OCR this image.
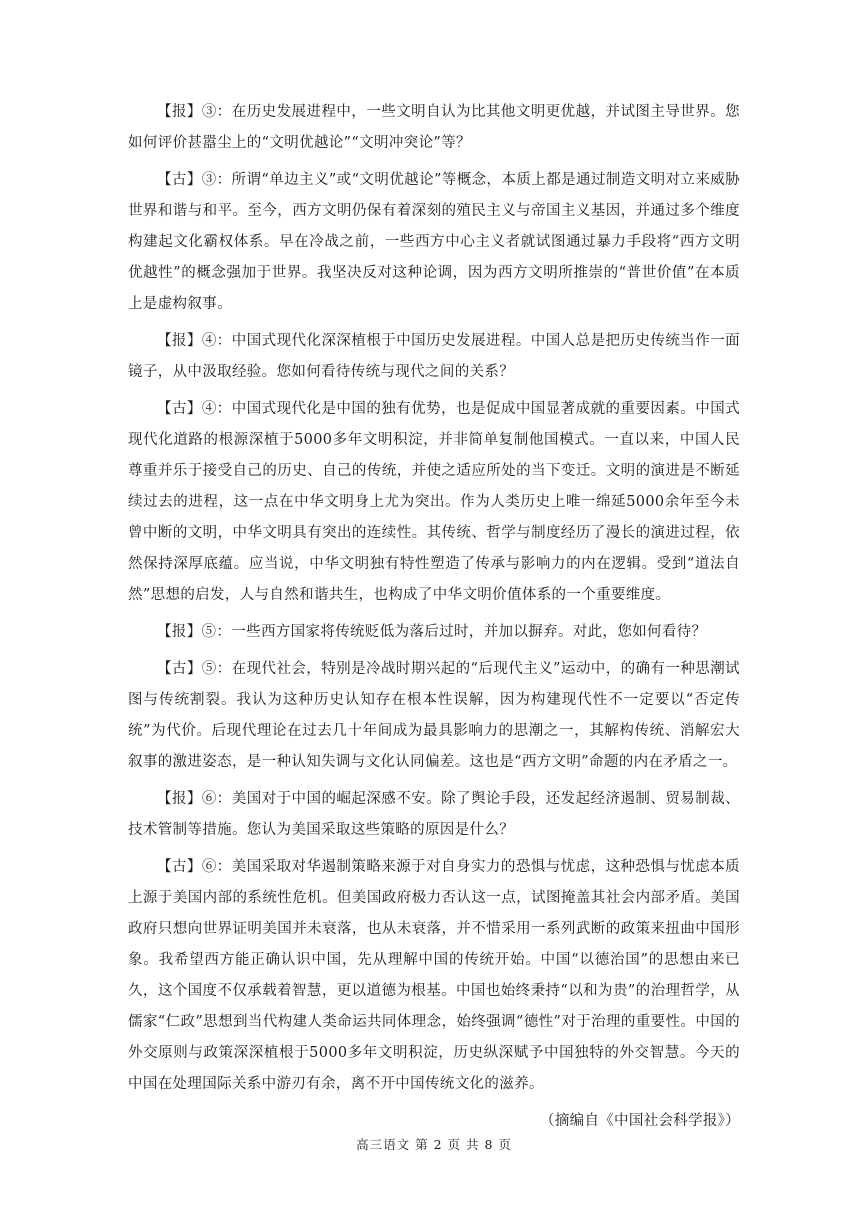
【报】③：在历史发展进程中，一些文明自认为比其他文明更优越，并试图主导世界。您如何评价甚嚣尘上的“文明优越论”“文明冲突论”等？

【古】③：所谓“单边主义”或“文明优越论”等概念，本质上都是通过制造文明对立来威胁世界和谐与和平。至今，西方文明仍保有着深刻的殖民主义与帝国主义基因，并通过多个维度构建起文化霸权体系。早在冷战之前，一些西方中心主义者就试图通过暴力手段将“西方文明优越性”的概念强加于世界。我坚决反对这种论调，因为西方文明所推崇的“普世价值”在本质上是虚构叙事。

【报】④：中国式现代化深深植根于中国历史发展进程。中国人总是把历史传统当作一面镜子，从中汲取经验。您如何看待传统与现代之间的关系？

【古】④：中国式现代化是中国的独有优势，也是促成中国显著成就的重要因素。中国式现代化道路的根源深植于5000多年文明积淀，并非简单复制他国模式。一直以来，中国人民尊重并乐于接受自己的历史、自己的传统，并使之适应所处的当下变迁。文明的演进是不断延续过去的进程，这一点在中华文明身上尤为突出。作为人类历史上唯一绵延5000余年至今未曾中断的文明，中华文明具有突出的连续性。其传统、哲学与制度经历了漫长的演进过程，依然保持深厚底蕴。应当说，中华文明独有特性塑造了传承与影响力的内在逻辑。受到“道法自然”思想的启发，人与自然和谐共生，也构成了中华文明价值体系的一个重要维度。

【报】⑤：一些西方国家将传统贬低为落后过时，并加以摒弃。对此，您如何看待？

【古】⑤：在现代社会，特别是冷战时期兴起的“后现代主义”运动中，的确有一种思潮试图与传统割裂。我认为这种历史认知存在根本性误解，因为构建现代性不一定要以“否定传统”为代价。后现代理论在过去几十年间成为最具影响力的思潮之一，其解构传统、消解宏大叙事的激进姿态，是一种认知失调与文化认同偏差。这也是“西方文明”命题的内在矛盾之一。

【报】⑥：美国对于中国的崛起深感不安。除了舆论手段，还发起经济遏制、贸易制裁、技术管制等措施。您认为美国采取这些策略的原因是什么？

【古】⑥：美国采取对华遏制策略来源于对自身实力的恐惧与忧虑，这种恐惧与忧虑本质上源于美国内部的系统性危机。但美国政府极力否认这一点，试图掩盖其社会内部矛盾。美国政府只想向世界证明美国并未衰落，也从未衰落，并不惜采用一系列武断的政策来扭曲中国形象。我希望西方能正确认识中国，先从理解中国的传统开始。中国“以德治国”的思想由来已久，这个国度不仅承载着智慧，更以道德为根基。中国也始终秉持“以和为贵”的治理哲学，从儒家“仁政”思想到当代构建人类命运共同体理念，始终强调“德性”对于治理的重要性。中国的外交原则与政策深深植根于5000多年文明积淀，历史纵深赋予中国独特的外交智慧。今天的中国在处理国际关系中游刃有余，离不开中国传统文化的滋养。

（摘编自《中国社会科学报》）

高三语文 第 2 页 共 8 页
